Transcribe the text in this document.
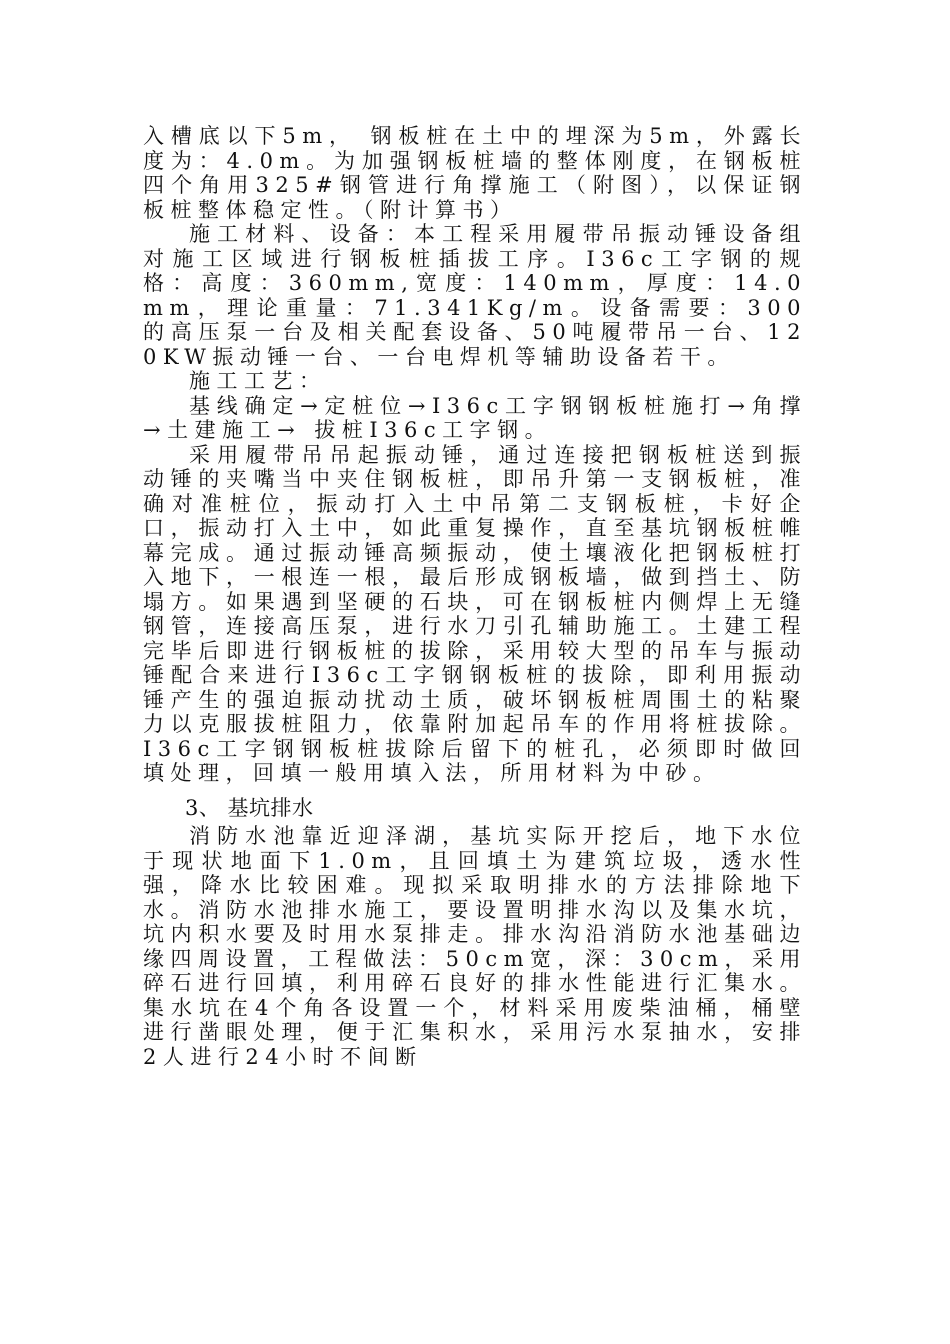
入槽底以下5m， 钢板桩在土中的埋深为5m，外露长度为：4.0m。为加强钢板桩墙的整体刚度，在钢板桩四个角用325#钢管进行角撑施工（附图），以保证钢板桩整体稳定性。（附计算书）

施工材料、设备：本工程采用履带吊振动锤设备组对施工区域进行钢板桩插拔工序。I36c工字钢的规格：高度：360mm,宽度：140mm，厚度：14.0mm，理论重量：71.341Kg/m。设备需要：300的高压泵一台及相关配套设备、50吨履带吊一台、120KW振动锤一台、一台电焊机等辅助设备若干。

施工工艺：

基线确定→定桩位→I36c工字钢钢板桩施打→角撑 →土建施工→ 拔桩I36c工字钢。

采用履带吊吊起振动锤，通过连接把钢板桩送到振动锤的夹嘴当中夹住钢板桩，即吊升第一支钢板桩，准确对准桩位，振动打入土中吊第二支钢板桩，卡好企口，振动打入土中，如此重复操作，直至基坑钢板桩帷幕完成。通过振动锤高频振动，使土壤液化把钢板桩打入地下，一根连一根，最后形成钢板墙，做到挡土、防塌方。如果遇到坚硬的石块，可在钢板桩内侧焊上无缝钢管，连接高压泵，进行水刀引孔辅助施工。土建工程完毕后即进行钢板桩的拔除，采用较大型的吊车与振动锤配合来进行I36c工字钢钢板桩的拔除，即利用振动锤产生的强迫振动扰动土质，破坏钢板桩周围土的粘聚力以克服拔桩阻力，依靠附加起吊车的作用将桩拔除。I36c工字钢钢板桩拔除后留下的桩孔，必须即时做回填处理，回填一般用填入法，所用材料为中砂。

3、 基坑排水

消防水池靠近迎泽湖，基坑实际开挖后，地下水位于现状地面下1.0m，且回填土为建筑垃圾，透水性强，降水比较困难。现拟采取明排水的方法排除地下水。消防水池排水施工，要设置明排水沟以及集水坑，坑内积水要及时用水泵排走。排水沟沿消防水池基础边缘四周设置，工程做法：50cm宽，深：30cm，采用碎石进行回填，利用碎石良好的排水性能进行汇集水。集水坑在4个角各设置一个，材料采用废柴油桶，桶壁进行凿眼处理，便于汇集积水，采用污水泵抽水，安排2人进行24小时不间断
